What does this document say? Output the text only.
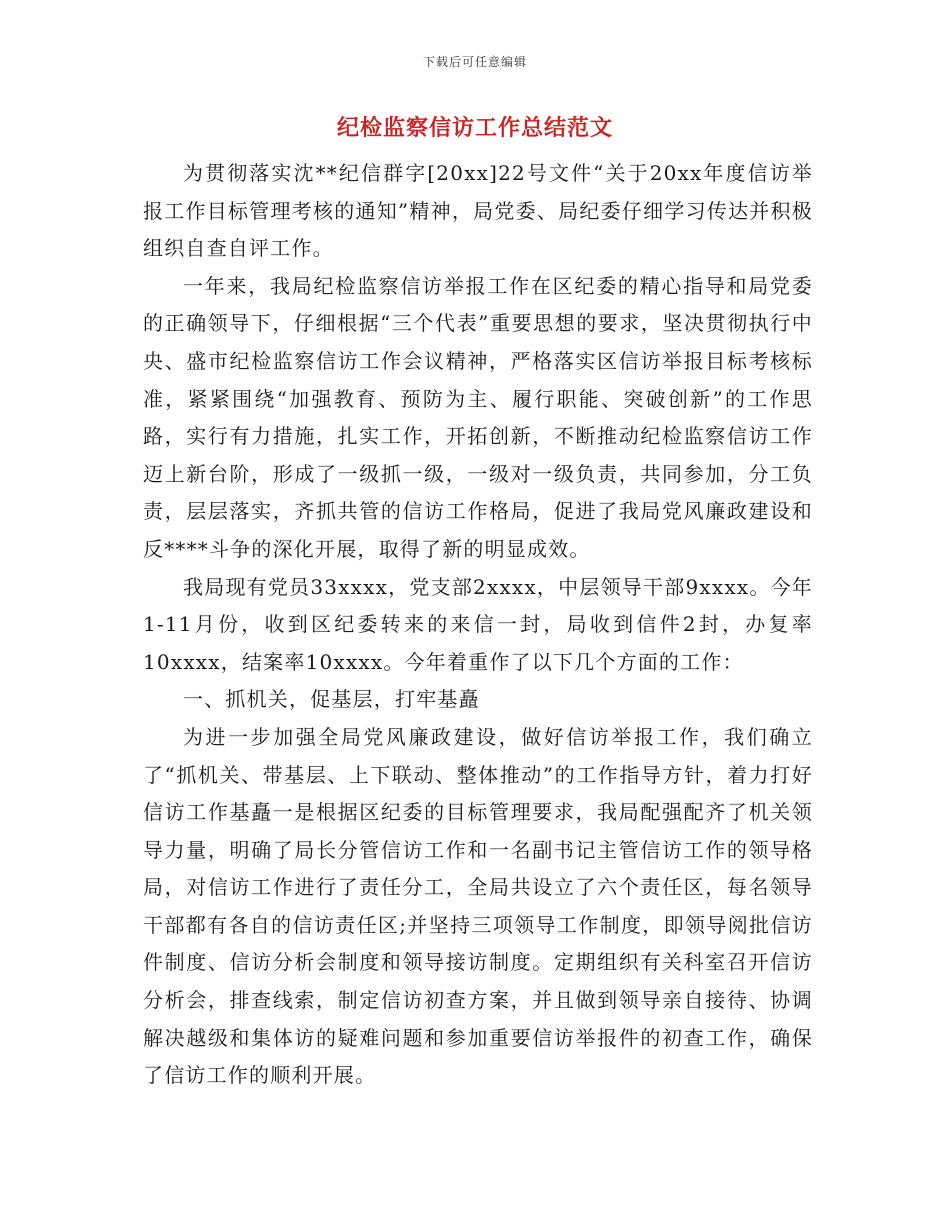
下载后可任意编辑
纪检监察信访工作总结范文

为贯彻落实沈**纪信群字[20xx]22号文件“关于20xx年度信访举报工作目标管理考核的通知”精神，局党委、局纪委仔细学习传达并积极组织自查自评工作。

一年来，我局纪检监察信访举报工作在区纪委的精心指导和局党委的正确领导下，仔细根据“三个代表”重要思想的要求，坚决贯彻执行中央、盛市纪检监察信访工作会议精神，严格落实区信访举报目标考核标准，紧紧围绕“加强教育、预防为主、履行职能、突破创新”的工作思路，实行有力措施，扎实工作，开拓创新，不断推动纪检监察信访工作迈上新台阶，形成了一级抓一级，一级对一级负责，共同参加，分工负责，层层落实，齐抓共管的信访工作格局，促进了我局党风廉政建设和反****斗争的深化开展，取得了新的明显成效。

我局现有党员33xxxx，党支部2xxxx，中层领导干部9xxxx。今年1-11月份，收到区纪委转来的来信一封，局收到信件2封，办复率10xxxx，结案率10xxxx。今年着重作了以下几个方面的工作：

一、抓机关，促基层，打牢基矗

为进一步加强全局党风廉政建设，做好信访举报工作，我们确立了“抓机关、带基层、上下联动、整体推动”的工作指导方针，着力打好信访工作基矗一是根据区纪委的目标管理要求，我局配强配齐了机关领导力量，明确了局长分管信访工作和一名副书记主管信访工作的领导格局，对信访工作进行了责任分工，全局共设立了六个责任区，每名领导干部都有各自的信访责任区;并坚持三项领导工作制度，即领导阅批信访件制度、信访分析会制度和领导接访制度。定期组织有关科室召开信访分析会，排查线索，制定信访初查方案，并且做到领导亲自接待、协调解决越级和集体访的疑难问题和参加重要信访举报件的初查工作，确保了信访工作的顺利开展。
